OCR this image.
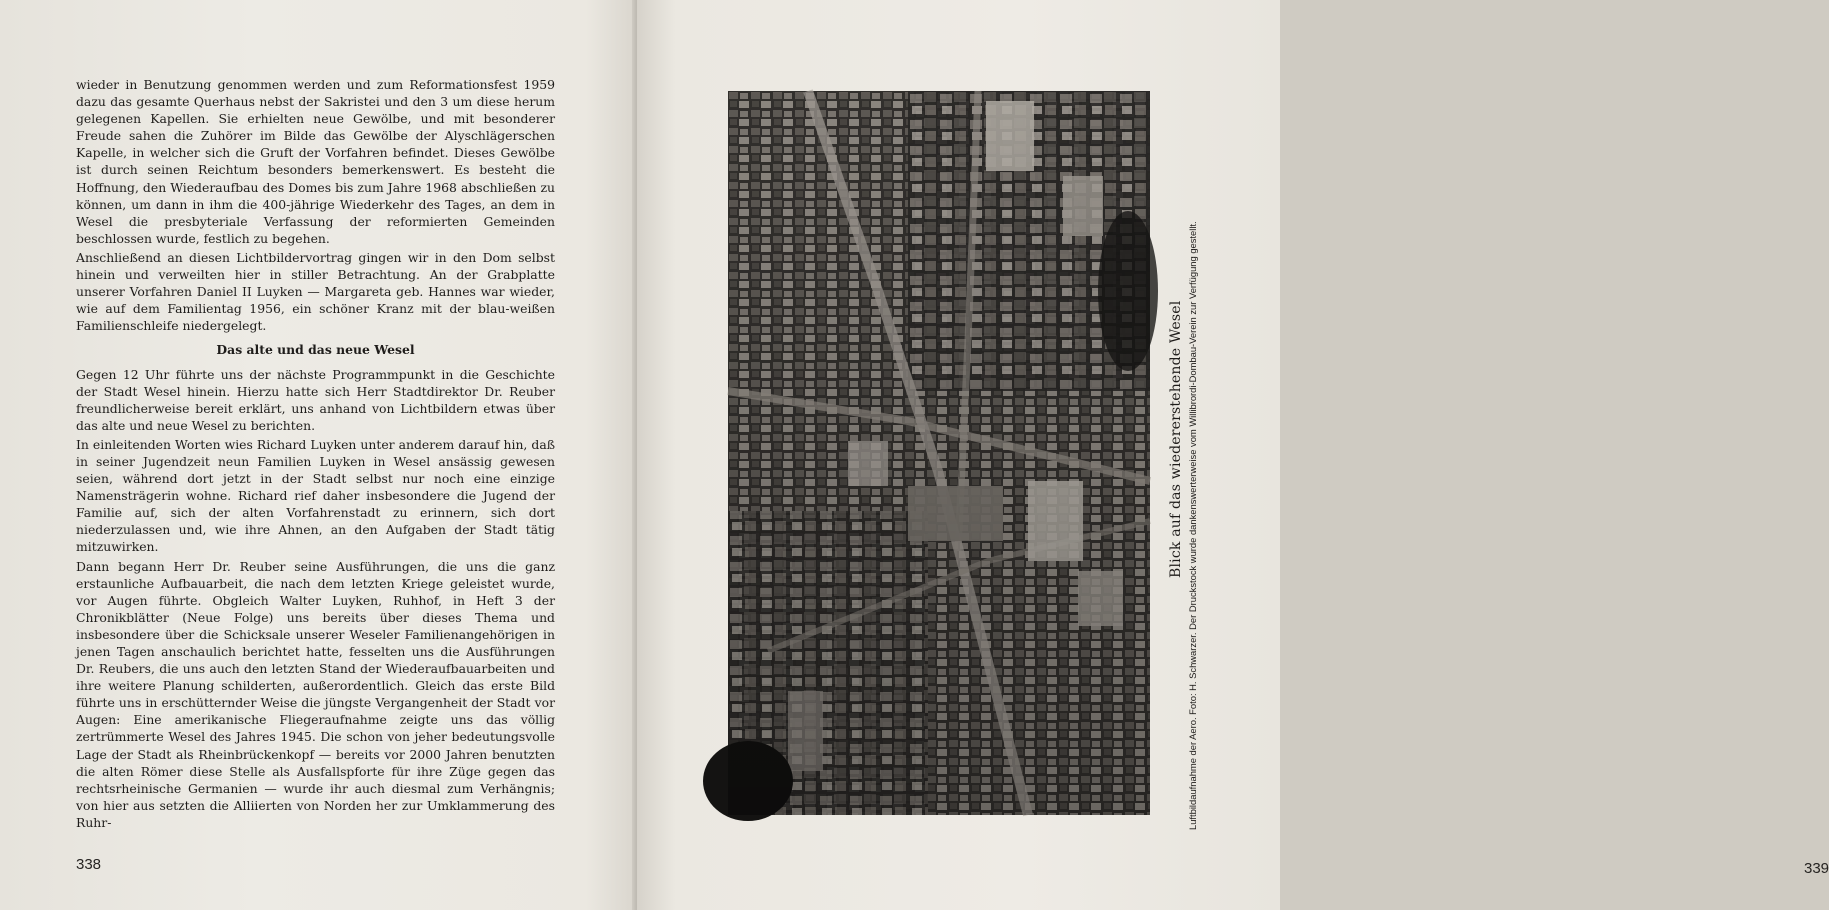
wieder in Benutzung genommen werden und zum Reformationsfest 1959 dazu das gesamte Querhaus nebst der Sakristei und den 3 um diese herum gelegenen Kapellen. Sie erhielten neue Gewölbe, und mit besonderer Freude sahen die Zuhörer im Bilde das Gewölbe der Alyschlägerschen Kapelle, in welcher sich die Gruft der Vorfahren befindet. Dieses Gewölbe ist durch seinen Reichtum besonders bemerkenswert. Es besteht die Hoffnung, den Wiederaufbau des Domes bis zum Jahre 1968 abschließen zu können, um dann in ihm die 400-jährige Wiederkehr des Tages, an dem in Wesel die presbyteriale Verfassung der reformierten Gemeinden beschlossen wurde, festlich zu begehen.

Anschließend an diesen Lichtbildervortrag gingen wir in den Dom selbst hinein und verweilten hier in stiller Betrachtung. An der Grabplatte unserer Vorfahren Daniel II Luyken — Margareta geb. Hannes war wieder, wie auf dem Familientag 1956, ein schöner Kranz mit der blau-weißen Familienschleife niedergelegt.

Das alte und das neue Wesel

Gegen 12 Uhr führte uns der nächste Programmpunkt in die Geschichte der Stadt Wesel hinein. Hierzu hatte sich Herr Stadtdirektor Dr. Reuber freundlicherweise bereit erklärt, uns anhand von Lichtbildern etwas über das alte und neue Wesel zu berichten.

In einleitenden Worten wies Richard Luyken unter anderem darauf hin, daß in seiner Jugendzeit neun Familien Luyken in Wesel ansässig gewesen seien, während dort jetzt in der Stadt selbst nur noch eine einzige Namensträgerin wohne. Richard rief daher insbesondere die Jugend der Familie auf, sich der alten Vorfahrenstadt zu erinnern, sich dort niederzulassen und, wie ihre Ahnen, an den Aufgaben der Stadt tätig mitzuwirken.

Dann begann Herr Dr. Reuber seine Ausführungen, die uns die ganz erstaunliche Aufbauarbeit, die nach dem letzten Kriege geleistet wurde, vor Augen führte. Obgleich Walter Luyken, Ruhhof, in Heft 3 der Chronikblätter (Neue Folge) uns bereits über dieses Thema und insbesondere über die Schicksale unserer Weseler Familienangehörigen in jenen Tagen anschaulich berichtet hatte, fesselten uns die Ausführungen Dr. Reubers, die uns auch den letzten Stand der Wiederaufbauarbeiten und ihre weitere Planung schilderten, außerordentlich. Gleich das erste Bild führte uns in erschütternder Weise die jüngste Vergangenheit der Stadt vor Augen: Eine amerikanische Fliegeraufnahme zeigte uns das völlig zertrümmerte Wesel des Jahres 1945. Die schon von jeher bedeutungsvolle Lage der Stadt als Rheinbrückenkopf — bereits vor 2000 Jahren benutzten die alten Römer diese Stelle als Ausfallspforte für ihre Züge gegen das rechtsrheinische Germanien — wurde ihr auch diesmal zum Verhängnis; von hier aus setzten die Alliierten von Norden her zur Umklammerung des Ruhr-

338	339
Blick auf das wiedererstehende Wesel
Luftbildaufnahme der Aero. Foto: H. Schwarzer. Der Druckstock wurde dankenswerterweise vom Willibrordi-Dombau-Verein zur Verfügung gestellt.
